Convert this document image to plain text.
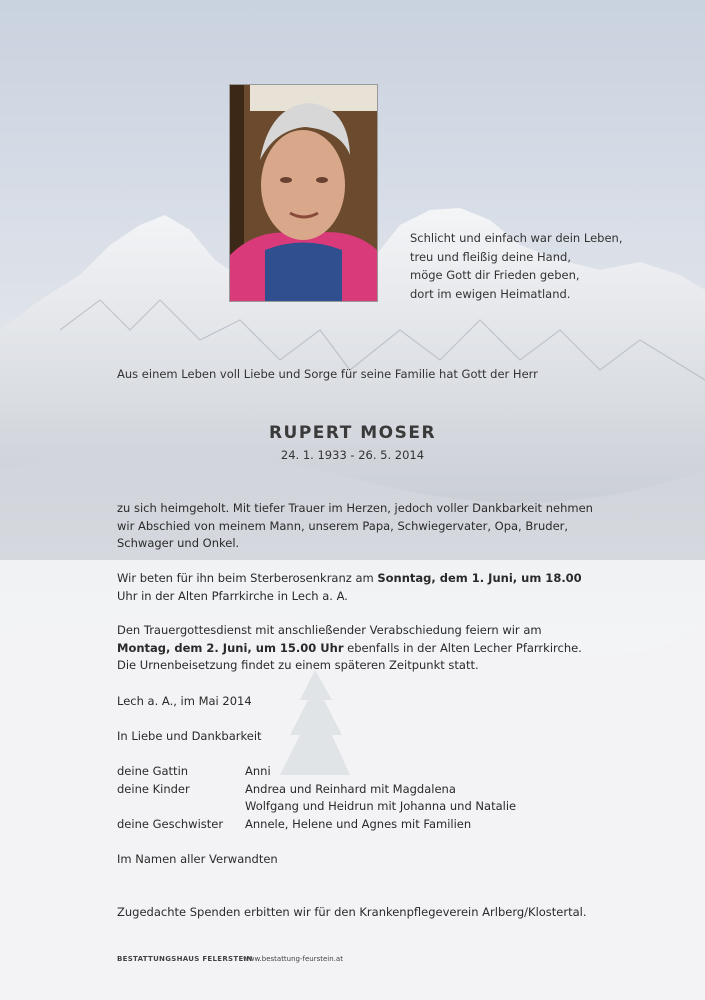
Schlicht und einfach war dein Leben,
treu und fleißig deine Hand,
möge Gott dir Frieden geben,
dort im ewigen Heimatland.
Aus einem Leben voll Liebe und Sorge für seine Familie hat Gott der Herr
RUPERT MOSER
24. 1. 1933 - 26. 5. 2014
zu sich heimgeholt. Mit tiefer Trauer im Herzen, jedoch voller Dankbarkeit nehmen wir Abschied von meinem Mann, unserem Papa, Schwiegervater, Opa, Bruder, Schwager und Onkel.
Wir beten für ihn beim Sterberosenkranz am Sonntag, dem 1. Juni, um 18.00 Uhr in der Alten Pfarrkirche in Lech a. A.
Den Trauergottesdienst mit anschließender Verabschiedung feiern wir am Montag, dem 2. Juni, um 15.00 Uhr ebenfalls in der Alten Lecher Pfarrkirche. Die Urnenbeisetzung findet zu einem späteren Zeitpunkt statt.
Lech a. A., im Mai 2014
In Liebe und Dankbarkeit
deine Gattin	Anni
deine Kinder	Andrea und Reinhard mit Magdalena
Wolfgang und Heidrun mit Johanna und Natalie
deine Geschwister	Annele, Helene und Agnes mit Familien
Im Namen aller Verwandten
Zugedachte Spenden erbitten wir für den Krankenpflegeverein Arlberg/Klostertal.
BESTATTUNGSHAUS FELERSTEIN
www.bestattung-feurstein.at
